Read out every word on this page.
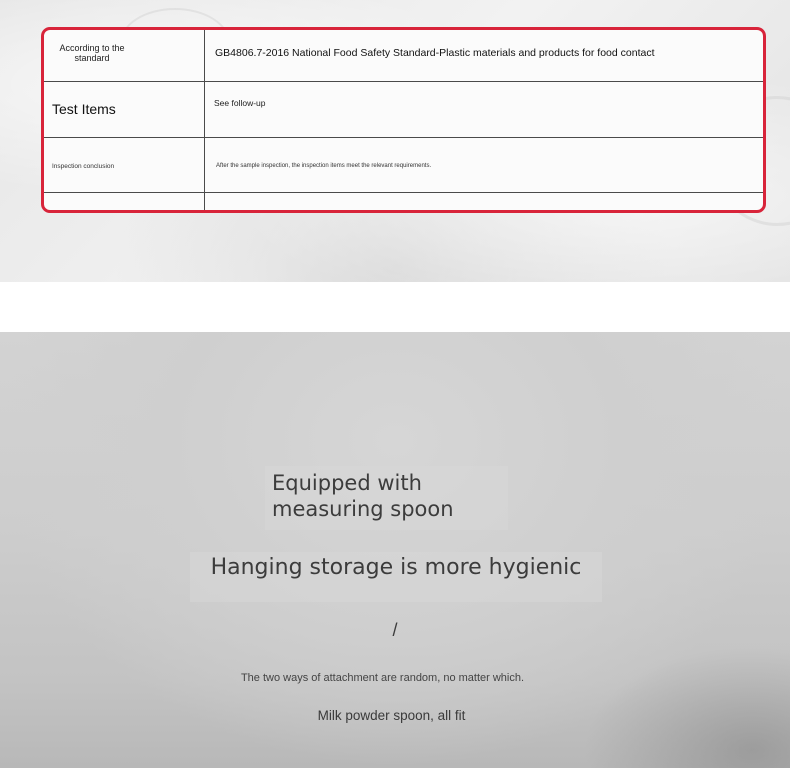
According to the standard	GB4806.7-2016 National Food Safety Standard-Plastic materials and products for food contact
Test Items	See follow-up
Inspection conclusion	After the sample inspection, the inspection items meet the relevant requirements.
Equipped with measuring spoon
Hanging storage is more hygienic
/
The two ways of attachment are random, no matter which.
Milk powder spoon, all fit
